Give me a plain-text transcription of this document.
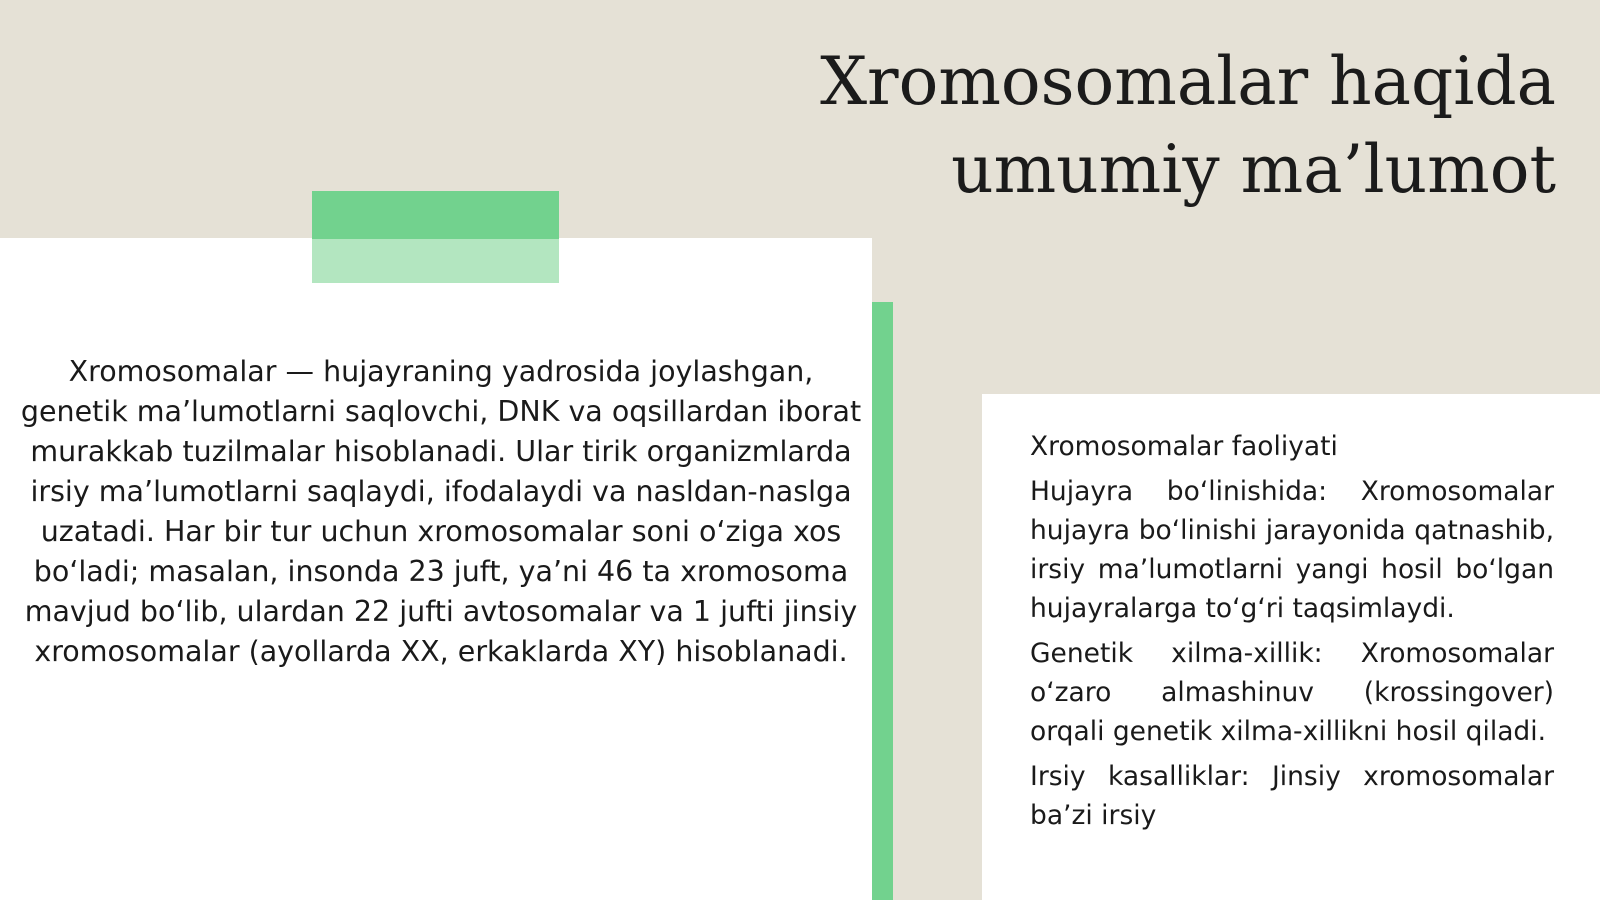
Xromosomalar haqida
umumiy ma’lumot

Xromosomalar — hujayraning yadrosida joylashgan, genetik ma’lumotlarni saqlovchi, DNK va oqsillardan iborat murakkab tuzilmalar hisoblanadi. Ular tirik organizmlarda irsiy ma’lumotlarni saqlaydi, ifodalaydi va nasldan-naslga uzatadi. Har bir tur uchun xromosomalar soni o‘ziga xos bo‘ladi; masalan, insonda 23 juft, ya’ni 46 ta xromosoma mavjud bo‘lib, ulardan 22 jufti avtosomalar va 1 jufti jinsiy xromosomalar (ayollarda XX, erkaklarda XY) hisoblanadi.

Xromosomalar faoliyati

Hujayra bo‘linishida: Xromosomalar hujayra bo‘linishi jarayonida qatnashib, irsiy ma’lumotlarni yangi hosil bo‘lgan hujayralarga to‘g‘ri taqsimlaydi.

Genetik xilma-xillik: Xromosomalar o‘zaro almashinuv (krossingover) orqali genetik xilma-xillikni hosil qiladi.

Irsiy kasalliklar: Jinsiy xromosomalar ba’zi irsiy
